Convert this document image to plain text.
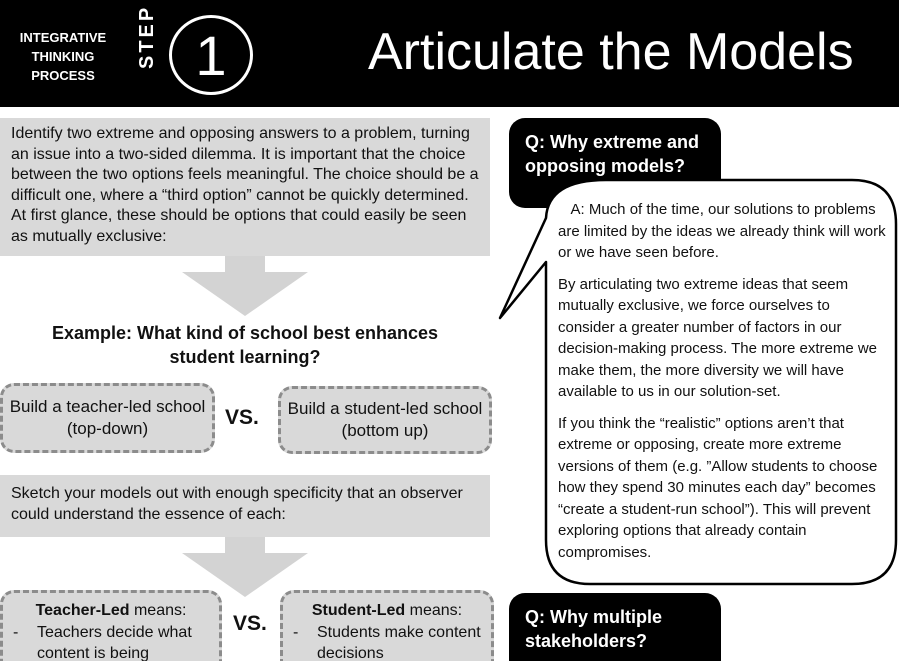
INTEGRATIVE
THINKING
PROCESS
STEP 1	Articulate the Models
Identify two extreme and opposing answers to a problem, turning an issue into a two-sided dilemma. It is important that the choice between the two options feels meaningful. The choice should be a difficult one, where a “third option” cannot be quickly determined. At first glance, these should be options that could easily be seen as mutually exclusive:
Example: What kind of school best enhances student learning?
Build a teacher-led school (top-down)	VS.	Build a student-led school (bottom up)
Sketch your models out with enough specificity that an observer could understand the essence of each:
Teacher-Led means:
- Teachers decide what content is being
VS.
Student-Led means:
- Students make content decisions
Q: Why extreme and opposing models?

A: Much of the time, our solutions to problems are limited by the ideas we already think will work or we have seen before.

By articulating two extreme ideas that seem mutually exclusive, we force ourselves to consider a greater number of factors in our decision-making process. The more extreme we make them, the more diversity we will have available to us in our solution-set.

If you think the “realistic” options aren’t that extreme or opposing, create more extreme versions of them (e.g. ”Allow students to choose how they spend 30 minutes each day” becomes “create a student-run school”). This will prevent exploring options that already contain compromises.

Q: Why multiple stakeholders?
